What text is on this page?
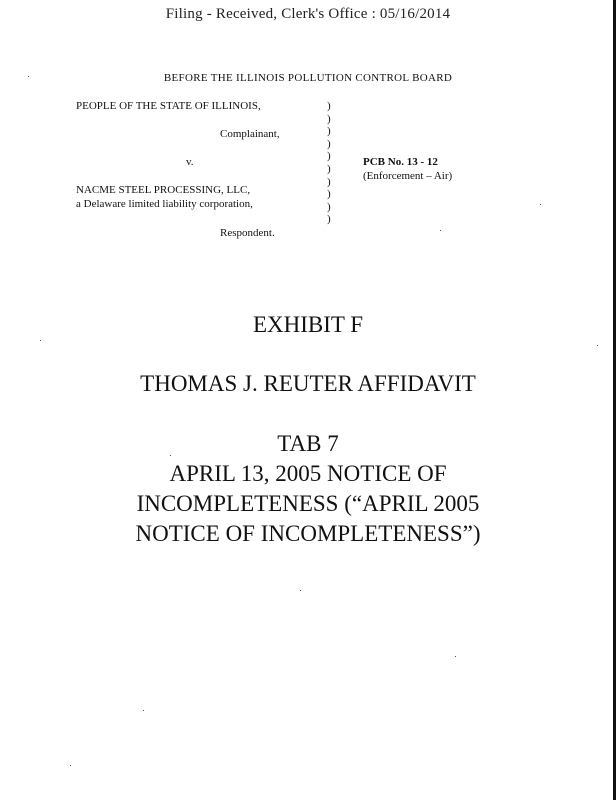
Filing - Received, Clerk's Office : 05/16/2014
BEFORE THE ILLINOIS POLLUTION CONTROL BOARD
PEOPLE OF THE STATE OF ILLINOIS,
Complainant,
v.
NACME STEEL PROCESSING, LLC,
a Delaware limited liability corporation,
Respondent.
)
)
)
)
)
)
)
)
)
)
PCB No. 13 - 12
(Enforcement – Air)
EXHIBIT F
THOMAS J. REUTER AFFIDAVIT
TAB 7
APRIL 13, 2005 NOTICE OF
INCOMPLETENESS (“APRIL 2005
NOTICE OF INCOMPLETENESS”)
